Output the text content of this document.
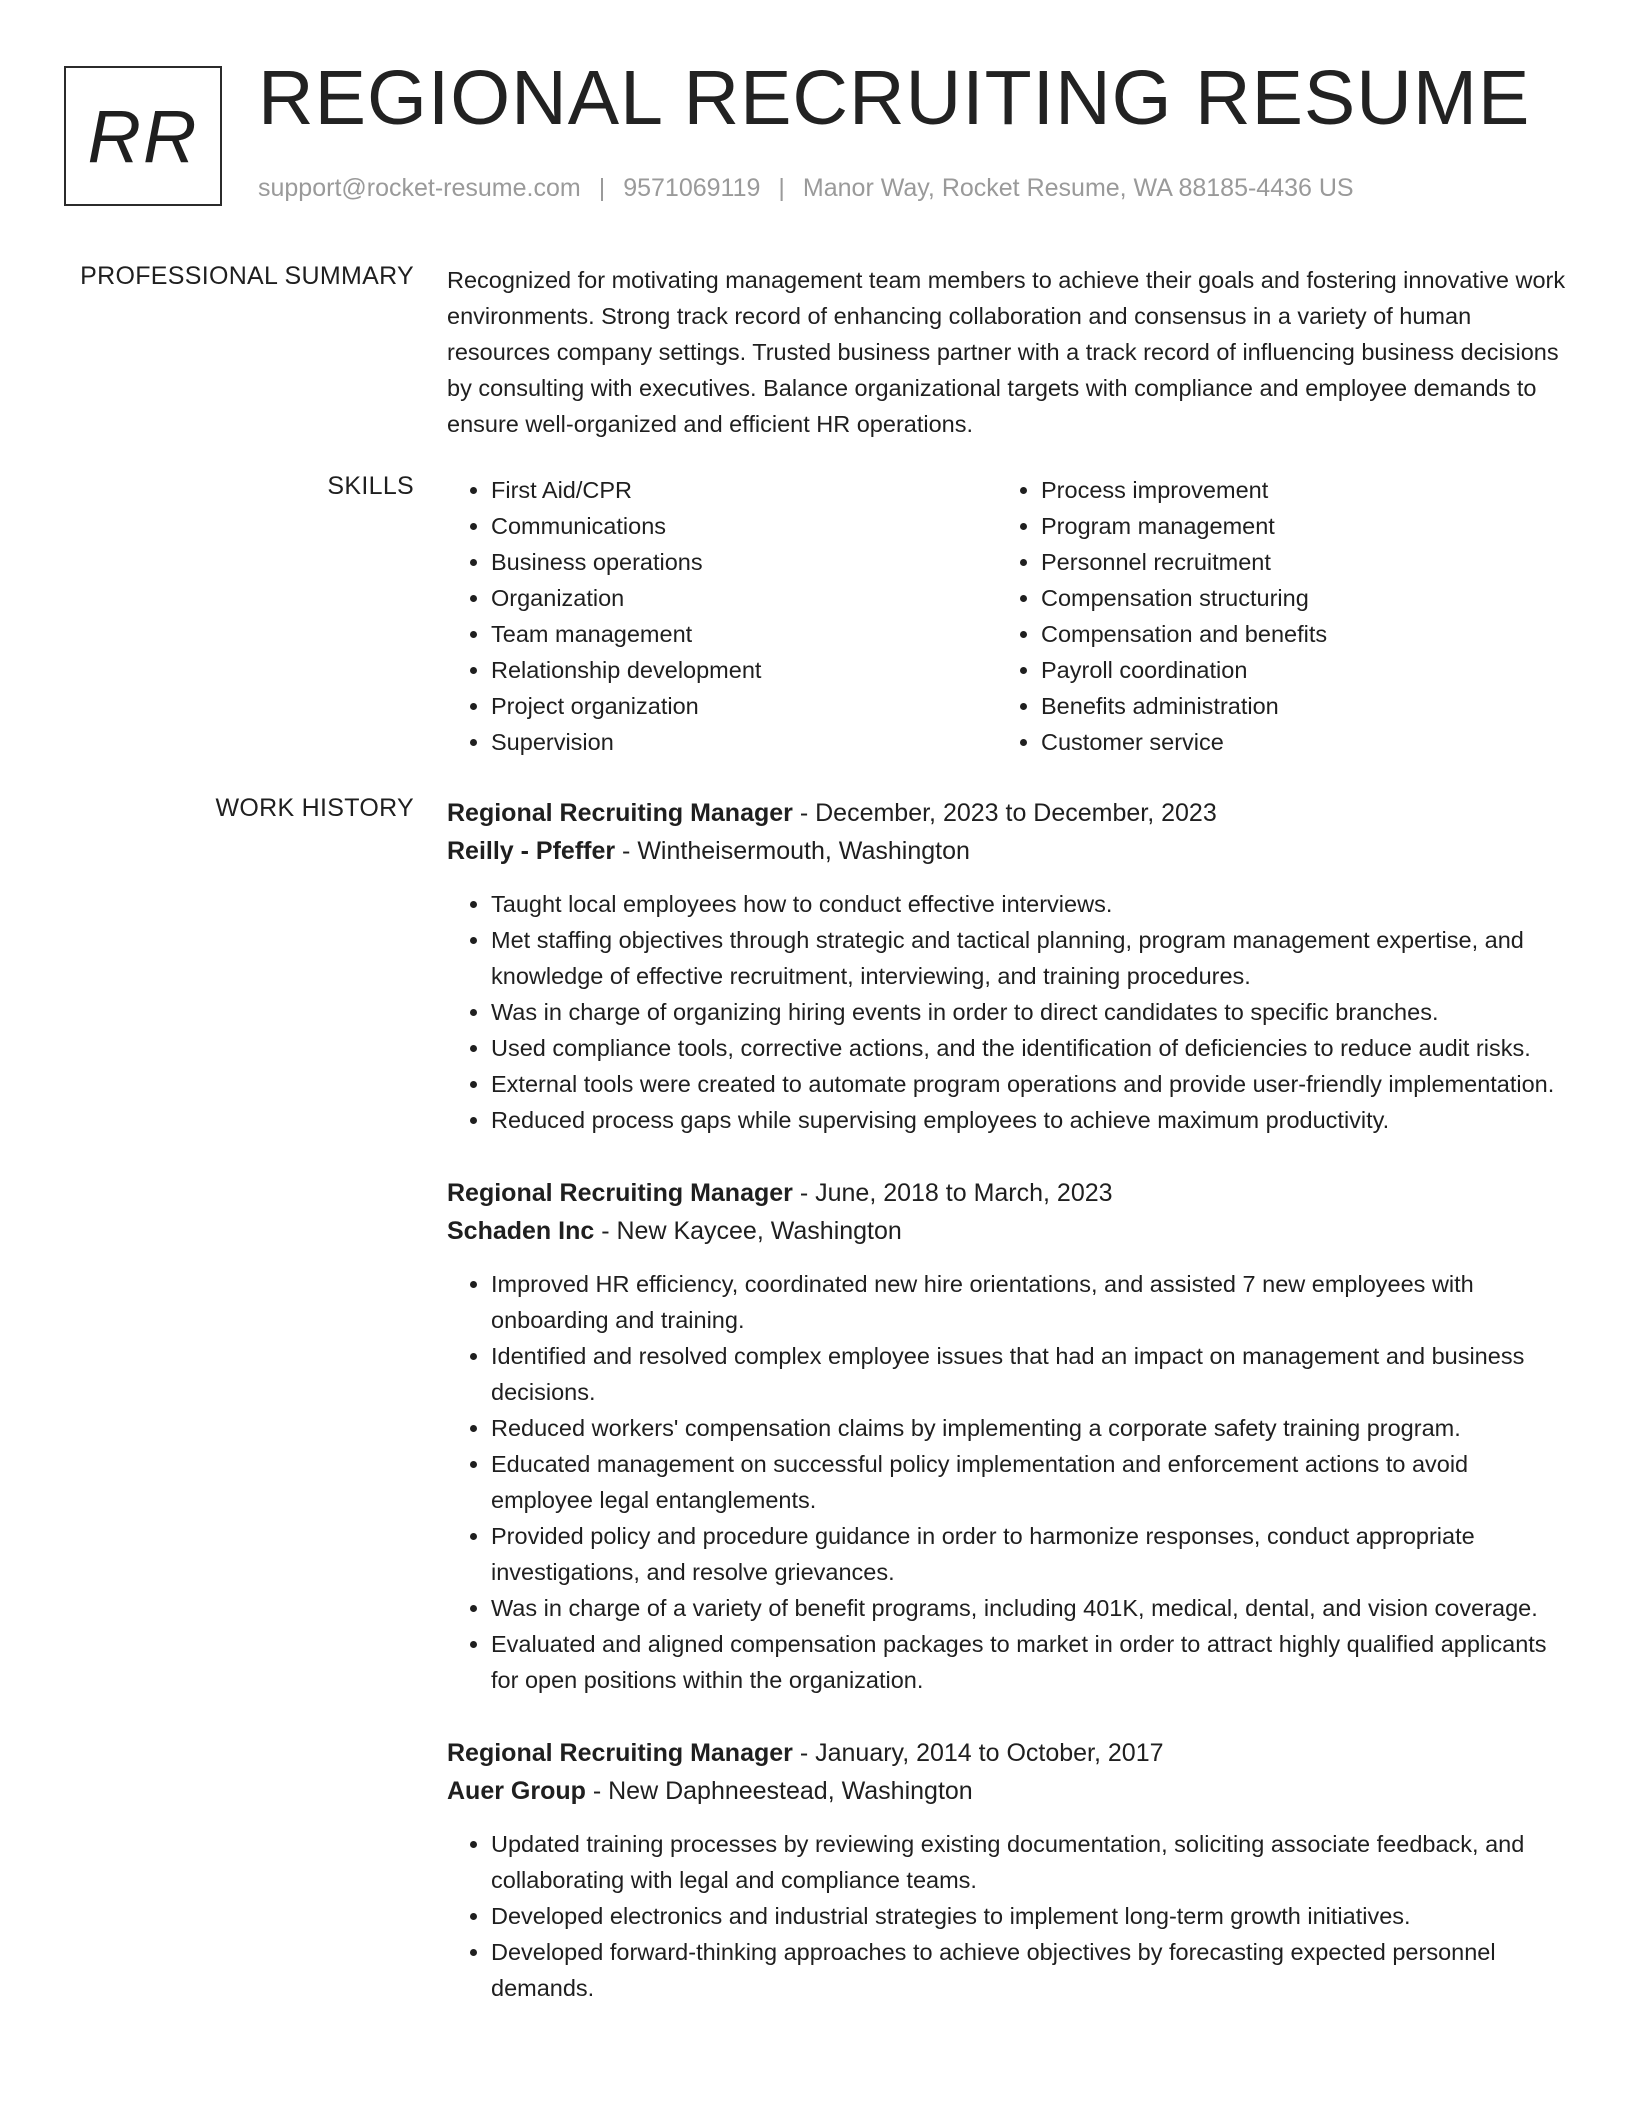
RR REGIONAL RECRUITING RESUME
support@rocket-resume.com | 9571069119 | Manor Way, Rocket Resume, WA 88185-4436 US
PROFESSIONAL SUMMARY Recognized for motivating management team members to achieve their goals and fostering innovative work environments. Strong track record of enhancing collaboration and consensus in a variety of human resources company settings. Trusted business partner with a track record of influencing business decisions by consulting with executives. Balance organizational targets with compliance and employee demands to ensure well-organized and efficient HR operations.

SKILLS
•	First Aid/CPR
• Communications
• Business operations
• Organization
• Team management
• Relationship development
• Project organization
• Supervision
• Process improvement
• Program management
• Personnel recruitment
• Compensation structuring
• Compensation and benefits
• Payroll coordination
• Benefits administration
• Customer service
WORK HISTORY Regional Recruiting Manager - December, 2023 to December, 2023
Reilly - Pfeffer - Wintheisermouth, Washington
• Taught local employees how to conduct effective interviews.
• Met staffing objectives through strategic and tactical planning, program management expertise, and knowledge of effective recruitment, interviewing, and training procedures.
• Was in charge of organizing hiring events in order to direct candidates to specific branches.
• Used compliance tools, corrective actions, and the identification of deficiencies to reduce audit risks.
• External tools were created to automate program operations and provide user-friendly implementation.
• Reduced process gaps while supervising employees to achieve maximum productivity.
Regional Recruiting Manager - June, 2018 to March, 2023
Schaden Inc - New Kaycee, Washington
• Improved HR efficiency, coordinated new hire orientations, and assisted 7 new employees with onboarding and training.
• Identified and resolved complex employee issues that had an impact on management and business decisions.
• Reduced workers' compensation claims by implementing a corporate safety training program.
• Educated management on successful policy implementation and enforcement actions to avoid employee legal entanglements.
• Provided policy and procedure guidance in order to harmonize responses, conduct appropriate investigations, and resolve grievances.
• Was in charge of a variety of benefit programs, including 401K, medical, dental, and vision coverage.
• Evaluated and aligned compensation packages to market in order to attract highly qualified applicants for open positions within the organization.
Regional Recruiting Manager - January, 2014 to October, 2017
Auer Group - New Daphneestead, Washington
• Updated training processes by reviewing existing documentation, soliciting associate feedback, and collaborating with legal and compliance teams.
• Developed electronics and industrial strategies to implement long-term growth initiatives.
• Developed forward-thinking approaches to achieve objectives by forecasting expected personnel demands.
